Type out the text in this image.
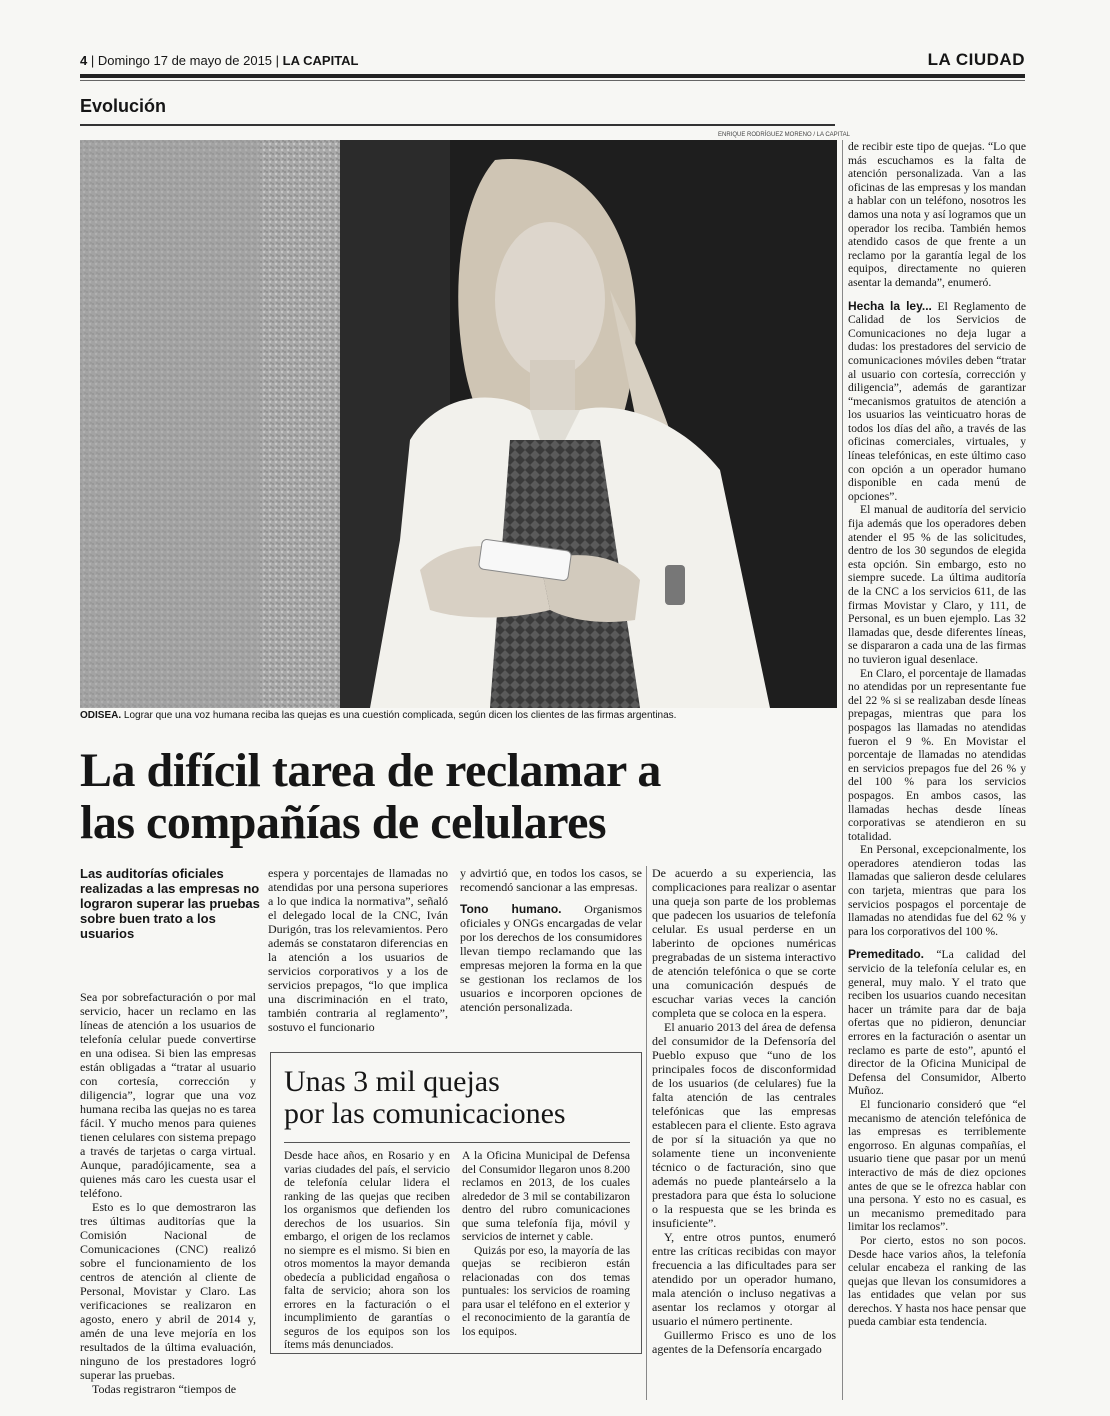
4 | Domingo 17 de mayo de 2015 | LA CAPITAL	LA CIUDAD
Evolución
ENRIQUE RODRÍGUEZ MORENO / LA CAPITAL
ODISEA. Lograr que una voz humana reciba las quejas es una cuestión complicada, según dicen los clientes de las firmas argentinas.
La difícil tarea de reclamar a
las compañías de celulares
Las auditorías oficiales realizadas a las empresas no lograron superar las pruebas sobre buen trato a los usuarios

Sea por sobrefacturación o por mal servicio, hacer un reclamo en las líneas de atención a los usuarios de telefonía celular puede convertirse en una odisea. Si bien las empresas están obligadas a “tratar al usuario con cortesía, corrección y diligencia”, lograr que una voz humana reciba las quejas no es tarea fácil. Y mucho menos para quienes tienen celulares con sistema prepago a través de tarjetas o carga virtual. Aunque, paradójicamente, sea a quienes más caro les cuesta usar el teléfono.

Esto es lo que demostraron las tres últimas auditorías que la Comisión Nacional de Comunicaciones (CNC) realizó sobre el funcionamiento de los centros de atención al cliente de Personal, Movistar y Claro. Las verificaciones se realizaron en agosto, enero y abril de 2014 y, amén de una leve mejoría en los resultados de la última evaluación, ninguno de los prestadores logró superar las pruebas.

Todas registraron “tiempos de

espera y porcentajes de llamadas no atendidas por una persona superiores a lo que indica la normativa”, señaló el delegado local de la CNC, Iván Durigón, tras los relevamientos. Pero además se constataron diferencias en la atención a los usuarios de servicios corporativos y a los de servicios prepagos, “lo que implica una discriminación en el trato, también contraria al reglamento”, sostuvo el funcionario

y advirtió que, en todos los casos, se recomendó sancionar a las empresas.

Tono humano. Organismos oficiales y ONGs encargadas de velar por los derechos de los consumidores llevan tiempo reclamando que las empresas mejoren la forma en la que se gestionan los reclamos de los usuarios e incorporen opciones de atención personalizada.

Unas 3 mil quejas
por las comunicaciones

Desde hace años, en Rosario y en varias ciudades del país, el servicio de telefonía celular lidera el ranking de las quejas que reciben los organismos que defienden los derechos de los usuarios. Sin embargo, el origen de los reclamos no siempre es el mismo. Si bien en otros momentos la mayor demanda obedecía a publicidad engañosa o falta de servicio; ahora son los errores en la facturación o el incumplimiento de garantías o seguros de los equipos son los ítems más denunciados.

A la Oficina Municipal de Defensa del Consumidor llegaron unos 8.200 reclamos en 2013, de los cuales alrededor de 3 mil se contabilizaron dentro del rubro comunicaciones que suma telefonía fija, móvil y servicios de internet y cable.

Quizás por eso, la mayoría de las quejas se recibieron están relacionadas con dos temas puntuales: los servicios de roaming para usar el teléfono en el exterior y el reconocimiento de la garantía de los equipos.

De acuerdo a su experiencia, las complicaciones para realizar o asentar una queja son parte de los problemas que padecen los usuarios de telefonía celular. Es usual perderse en un laberinto de opciones numéricas pregrabadas de un sistema interactivo de atención telefónica o que se corte una comunicación después de escuchar varias veces la canción completa que se coloca en la espera.

El anuario 2013 del área de defensa del consumidor de la Defensoría del Pueblo expuso que “uno de los principales focos de disconformidad de los usuarios (de celulares) fue la falta atención de las centrales telefónicas que las empresas establecen para el cliente. Esto agrava de por sí la situación ya que no solamente tiene un inconveniente técnico o de facturación, sino que además no puede planteárselo a la prestadora para que ésta lo solucione o la respuesta que se les brinda es insuficiente”.

Y, entre otros puntos, enumeró entre las críticas recibidas con mayor frecuencia a las dificultades para ser atendido por un operador humano, mala atención o incluso negativas a asentar los reclamos y otorgar al usuario el número pertinente.

Guillermo Frisco es uno de los agentes de la Defensoría encargado

de recibir este tipo de quejas. “Lo que más escuchamos es la falta de atención personalizada. Van a las oficinas de las empresas y los mandan a hablar con un teléfono, nosotros les damos una nota y así logramos que un operador los reciba. También hemos atendido casos de que frente a un reclamo por la garantía legal de los equipos, directamente no quieren asentar la demanda”, enumeró.

Hecha la ley... El Reglamento de Calidad de los Servicios de Comunicaciones no deja lugar a dudas: los prestadores del servicio de comunicaciones móviles deben “tratar al usuario con cortesía, corrección y diligencia”, además de garantizar “mecanismos gratuitos de atención a los usuarios las veinticuatro horas de todos los días del año, a través de las oficinas comerciales, virtuales, y líneas telefónicas, en este último caso con opción a un operador humano disponible en cada menú de opciones”.

El manual de auditoría del servicio fija además que los operadores deben atender el 95 % de las solicitudes, dentro de los 30 segundos de elegida esta opción. Sin embargo, esto no siempre sucede. La última auditoría de la CNC a los servicios 611, de las firmas Movistar y Claro, y 111, de Personal, es un buen ejemplo. Las 32 llamadas que, desde diferentes líneas, se dispararon a cada una de las firmas no tuvieron igual desenlace.

En Claro, el porcentaje de llamadas no atendidas por un representante fue del 22 % si se realizaban desde líneas prepagas, mientras que para los pospagos las llamadas no atendidas fueron el 9 %. En Movistar el porcentaje de llamadas no atendidas en servicios prepagos fue del 26 % y del 100 % para los servicios pospagos. En ambos casos, las llamadas hechas desde líneas corporativas se atendieron en su totalidad.

En Personal, excepcionalmente, los operadores atendieron todas las llamadas que salieron desde celulares con tarjeta, mientras que para los servicios pospagos el porcentaje de llamadas no atendidas fue del 62 % y para los corporativos del 100 %.

Premeditado. “La calidad del servicio de la telefonía celular es, en general, muy malo. Y el trato que reciben los usuarios cuando necesitan hacer un trámite para dar de baja ofertas que no pidieron, denunciar errores en la facturación o asentar un reclamo es parte de esto”, apuntó el director de la Oficina Municipal de Defensa del Consumidor, Alberto Muñoz.

El funcionario consideró que “el mecanismo de atención telefónica de las empresas es terriblemente engorroso. En algunas compañías, el usuario tiene que pasar por un menú interactivo de más de diez opciones antes de que se le ofrezca hablar con una persona. Y esto no es casual, es un mecanismo premeditado para limitar los reclamos”.

Por cierto, estos no son pocos. Desde hace varios años, la telefonía celular encabeza el ranking de las quejas que llevan los consumidores a las entidades que velan por sus derechos. Y hasta nos hace pensar que pueda cambiar esta tendencia.
